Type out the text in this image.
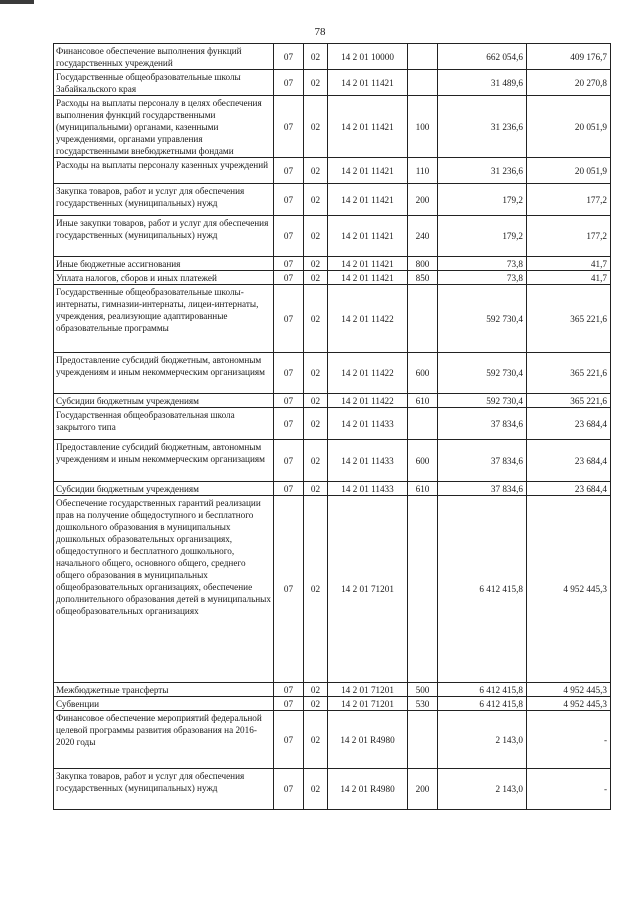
78
Финансовое обеспечение выполнения функций государственных учреждений	07	02	14 2 01 10000		662 054,6	409 176,7
Государственные общеобразовательные школы Забайкальского края	07	02	14 2 01 11421		31 489,6	20 270,8
Расходы на выплаты персоналу в целях обеспечения выполнения функций государственными (муниципальными) органами, казенными учреждениями, органами управления государственными внебюджетными фондами	07	02	14 2 01 11421	100	31 236,6	20 051,9
Расходы на выплаты персоналу казенных учреждений	07	02	14 2 01 11421	110	31 236,6	20 051,9
Закупка товаров, работ и услуг для обеспечения государственных (муниципальных) нужд	07	02	14 2 01 11421	200	179,2	177,2
Иные закупки товаров, работ и услуг для обеспечения государственных (муниципальных) нужд	07	02	14 2 01 11421	240	179,2	177,2
Иные бюджетные ассигнования	07	02	14 2 01 11421	800	73,8	41,7
Уплата налогов, сборов и иных платежей	07	02	14 2 01 11421	850	73,8	41,7
Государственные общеобразовательные школы-интернаты, гимназии-интернаты, лицеи-интернаты, учреждения, реализующие адаптированные образовательные программы	07	02	14 2 01 11422		592 730,4	365 221,6
Предоставление субсидий бюджетным, автономным учреждениям и иным некоммерческим организациям	07	02	14 2 01 11422	600	592 730,4	365 221,6
Субсидии бюджетным учреждениям	07	02	14 2 01 11422	610	592 730,4	365 221,6
Государственная общеобразовательная школа закрытого типа	07	02	14 2 01 11433		37 834,6	23 684,4
Предоставление субсидий бюджетным, автономным учреждениям и иным некоммерческим организациям	07	02	14 2 01 11433	600	37 834,6	23 684,4
Субсидии бюджетным учреждениям	07	02	14 2 01 11433	610	37 834,6	23 684,4
Обеспечение государственных гарантий реализации прав на получение общедоступного и бесплатного дошкольного образования в муниципальных дошкольных образовательных организациях, общедоступного и бесплатного дошкольного, начального общего, основного общего, среднего общего образования в муниципальных общеобразовательных организациях, обеспечение дополнительного образования детей в муниципальных общеобразовательных организациях	07	02	14 2 01 71201		6 412 415,8	4 952 445,3
Межбюджетные трансферты	07	02	14 2 01 71201	500	6 412 415,8	4 952 445,3
Субвенции	07	02	14 2 01 71201	530	6 412 415,8	4 952 445,3
Финансовое обеспечение мероприятий федеральной целевой программы развития образования на 2016-2020 годы	07	02	14 2 01 R4980		2 143,0	-
Закупка товаров, работ и услуг для обеспечения государственных (муниципальных) нужд	07	02	14 2 01 R4980	200	2 143,0	-
